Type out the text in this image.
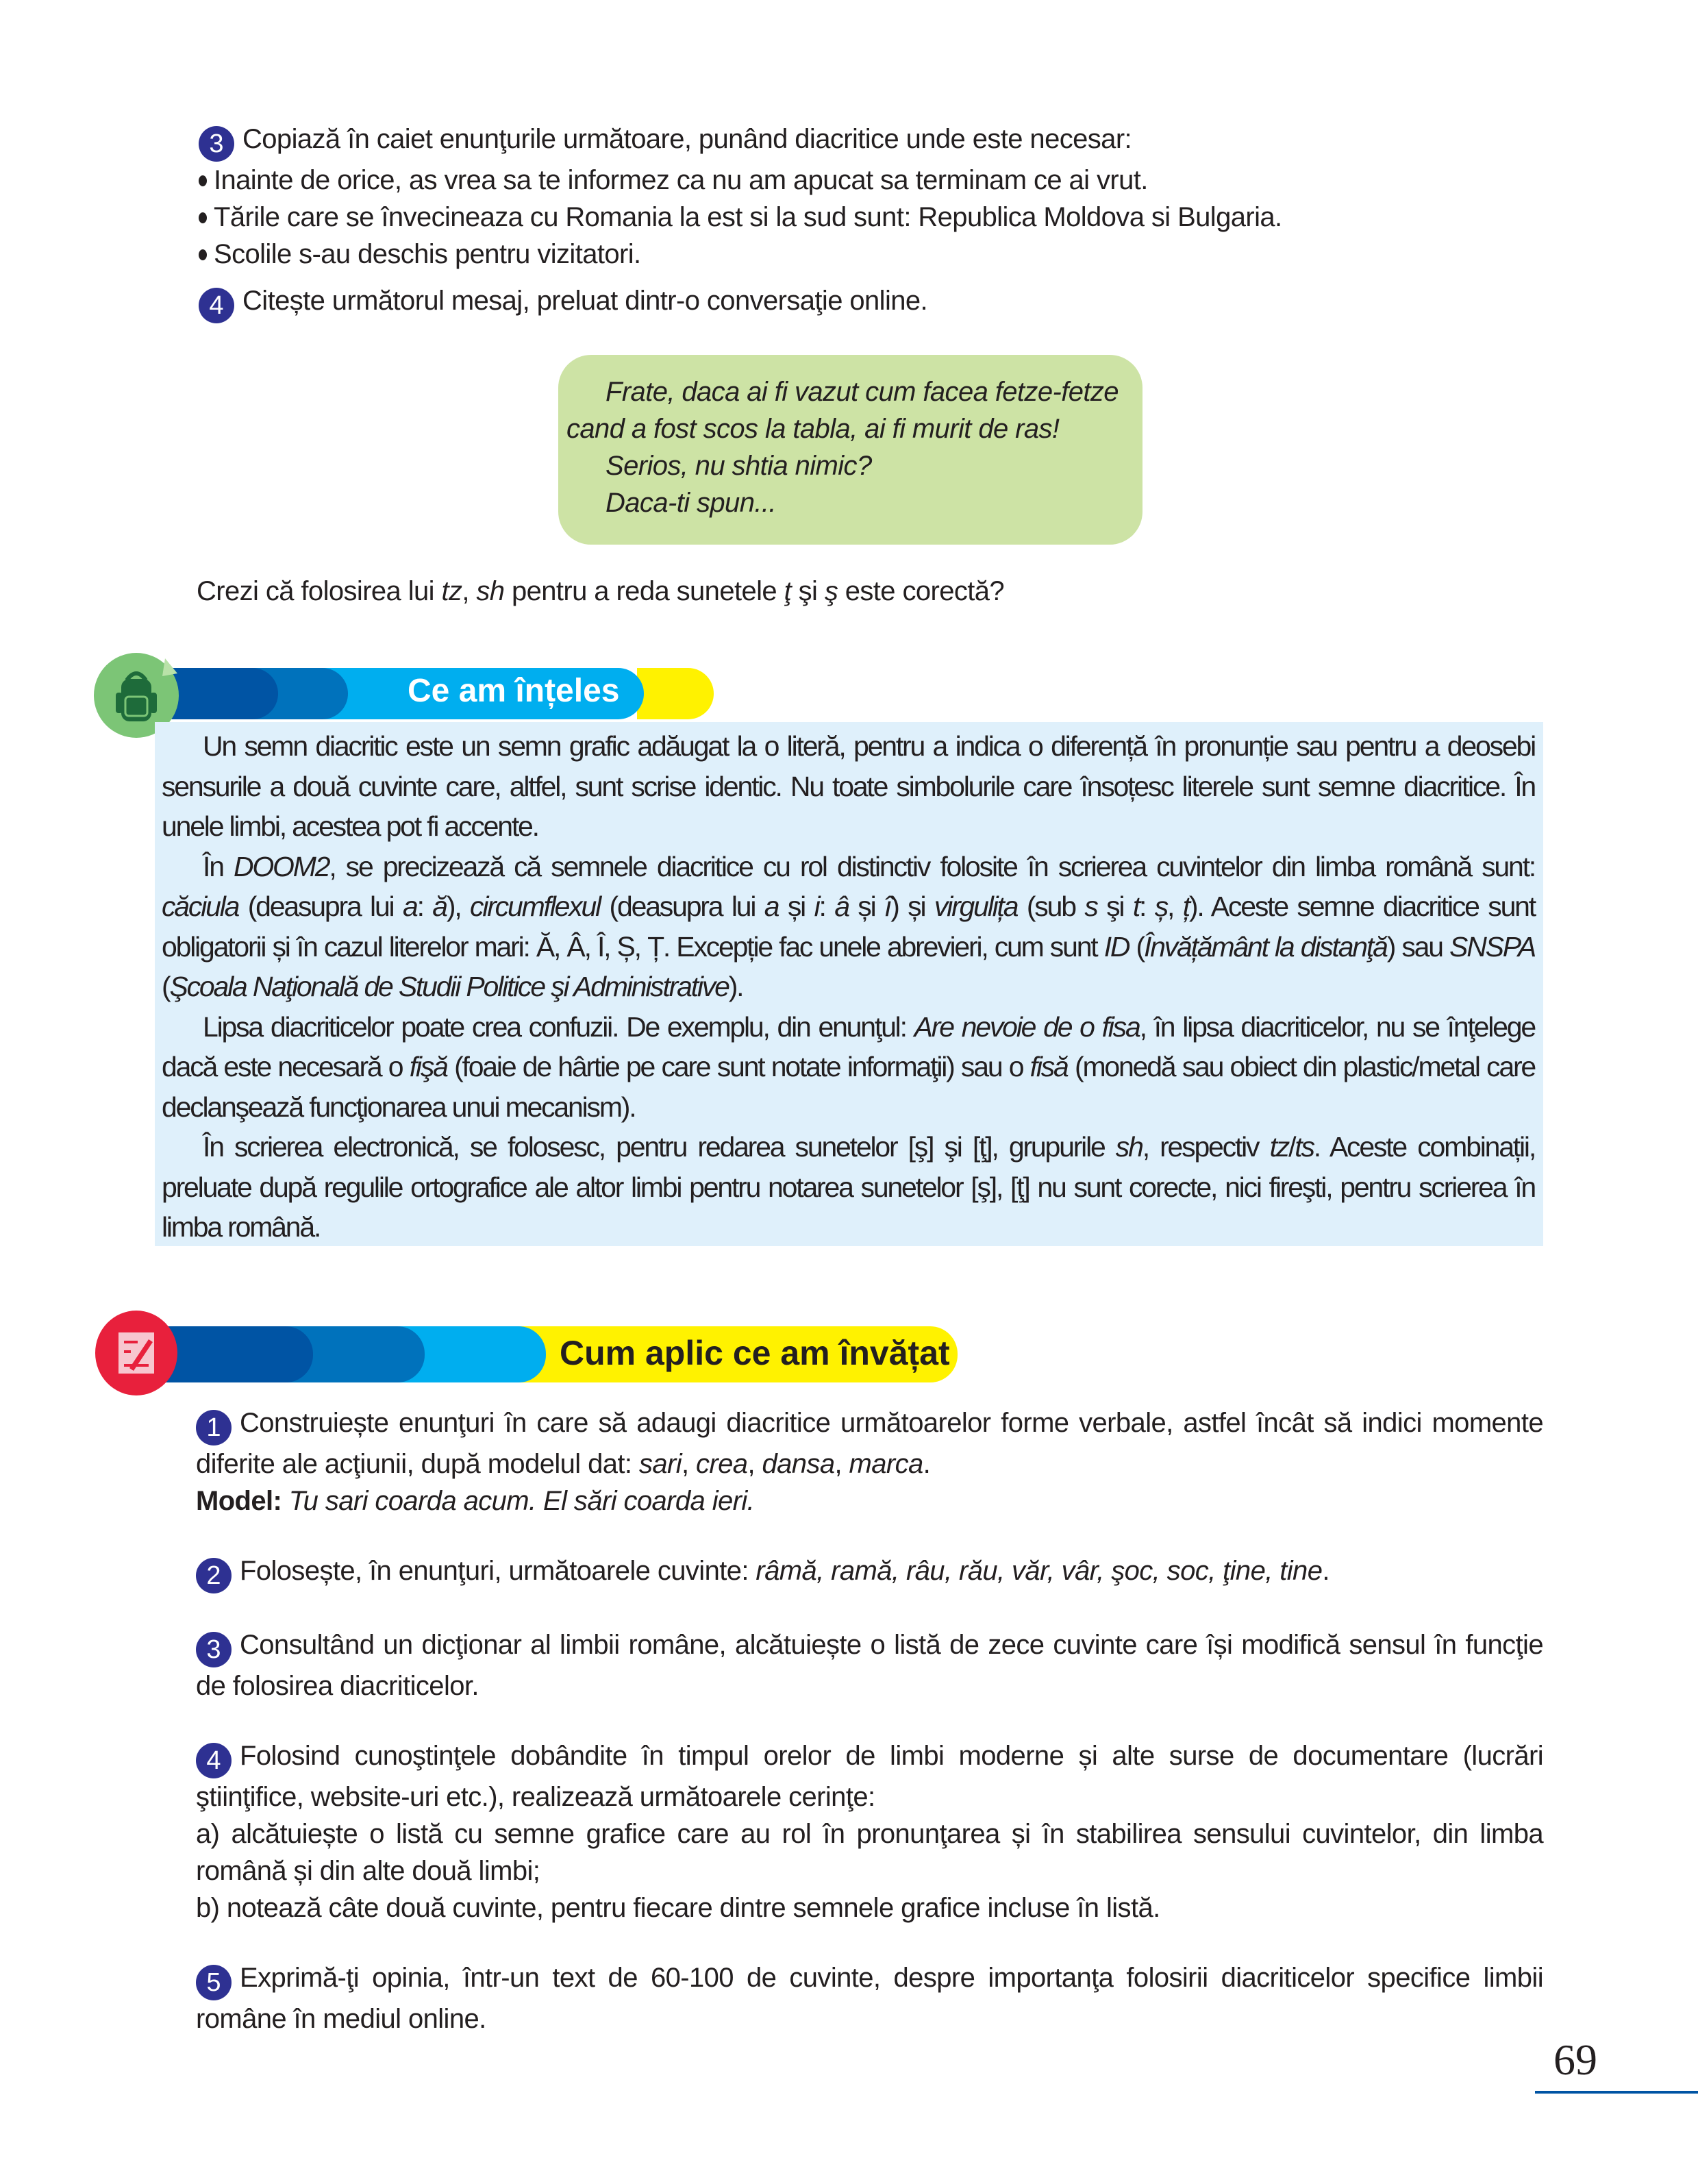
3 Copiază în caiet enunţurile următoare, punând diacritice unde este necesar:
Inainte de orice, as vrea sa te informez ca nu am apucat sa terminam ce ai vrut.
Tările care se învecineaza cu Romania la est si la sud sunt: Republica Moldova si Bulgaria.
Scolile s-au deschis pentru vizitatori.
4 Citește următorul mesaj, preluat dintr-o conversaţie online.
Frate, daca ai fi vazut cum facea fetze-fetze
cand a fost scos la tabla, ai fi murit de ras!
Serios, nu shtia nimic?
Daca-ti spun...
Crezi că folosirea lui tz, sh pentru a reda sunetele ţ şi ş este corectă?
Ce am înțeles

Un semn diacritic este un semn grafic adăugat la o literă, pentru a indica o diferență în pronunție sau pentru a deosebi sensurile a două cuvinte care, altfel, sunt scrise identic. Nu toate simbolurile care însoțesc literele sunt semne diacritice. În unele limbi, acestea pot fi accente.

În DOOM2, se precizează că semnele diacritice cu rol distinctiv folosite în scrierea cuvintelor din limba română sunt: căciula (deasupra lui a: ă), circumflexul (deasupra lui a și i: â și î) și virgulița (sub s şi t: ș, ț). Aceste semne diacritice sunt obligatorii și în cazul literelor mari: Ă, Â, Î, Ș, Ț. Excepție fac unele abrevieri, cum sunt ID (Învățământ la distanţă) sau SNSPA (Şcoala Naţională de Studii Politice şi Administrative).

Lipsa diacriticelor poate crea confuzii. De exemplu, din enunţul: Are nevoie de o fisa, în lipsa diacriticelor, nu se înţelege dacă este necesară o fişă (foaie de hârtie pe care sunt notate informaţii) sau o fisă (monedă sau obiect din plastic/metal care declanşează funcţionarea unui mecanism).

În scrierea electronică, se folosesc, pentru redarea sunetelor [ş] şi [ţ], grupurile sh, respectiv tz/ts. Aceste combinații, preluate după regulile ortografice ale altor limbi pentru notarea sunetelor [ş], [ţ] nu sunt corecte, nici fireşti, pentru scrierea în limba română.

Cum aplic ce am învățat

1 Construiește enunţuri în care să adaugi diacritice următoarelor forme verbale, astfel încât să indici momente diferite ale acţiunii, după modelul dat: sari, crea, dansa, marca.

Model: Tu sari coarda acum. El sări coarda ieri.

2 Folosește, în enunţuri, următoarele cuvinte: râmă, ramă, râu, rău, văr, vâr, şoc, soc, ţine, tine.

3 Consultând un dicţionar al limbii române, alcătuiește o listă de zece cuvinte care își modifică sensul în funcţie de folosirea diacriticelor.

4 Folosind cunoştinţele dobândite în timpul orelor de limbi moderne și alte surse de documentare (lucrări ştiinţifice, website-uri etc.), realizează următoarele cerinţe:

a) alcătuiește o listă cu semne grafice care au rol în pronunţarea și în stabilirea sensului cuvintelor, din limba română și din alte două limbi;

b) notează câte două cuvinte, pentru fiecare dintre semnele grafice incluse în listă.

5 Exprimă-ţi opinia, într-un text de 60-100 de cuvinte, despre importanţa folosirii diacriticelor specifice limbii române în mediul online.

69
